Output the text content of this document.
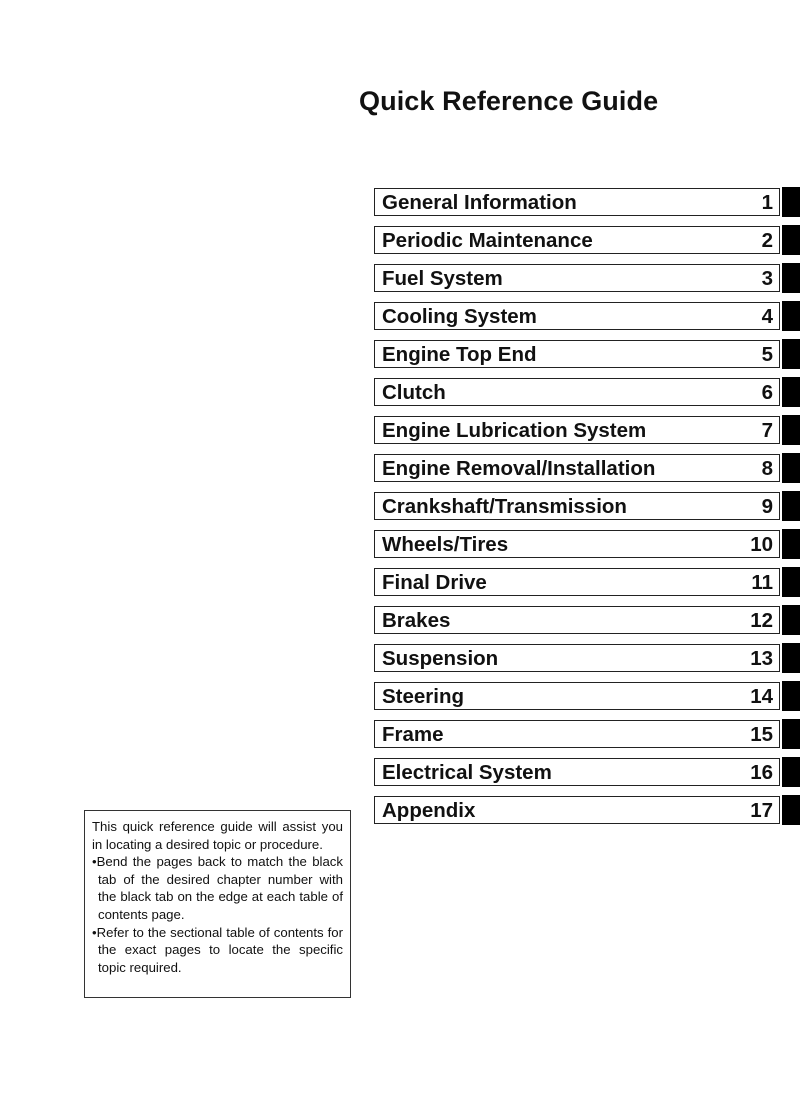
Quick Reference Guide
General Information	1
Periodic Maintenance	2
Fuel System	3
Cooling System	4
Engine Top End	5
Clutch	6
Engine Lubrication System	7
Engine Removal/Installation	8
Crankshaft/Transmission	9
Wheels/Tires	10
Final Drive	11
Brakes	12
Suspension	13
Steering	14
Frame	15
Electrical System	16
Appendix	17

This quick reference guide will assist you in locating a desired topic or procedure.

•Bend the pages back to match the black tab of the desired chapter number with the black tab on the edge at each table of contents page.

•Refer to the sectional table of contents for the exact pages to locate the specific topic required.
